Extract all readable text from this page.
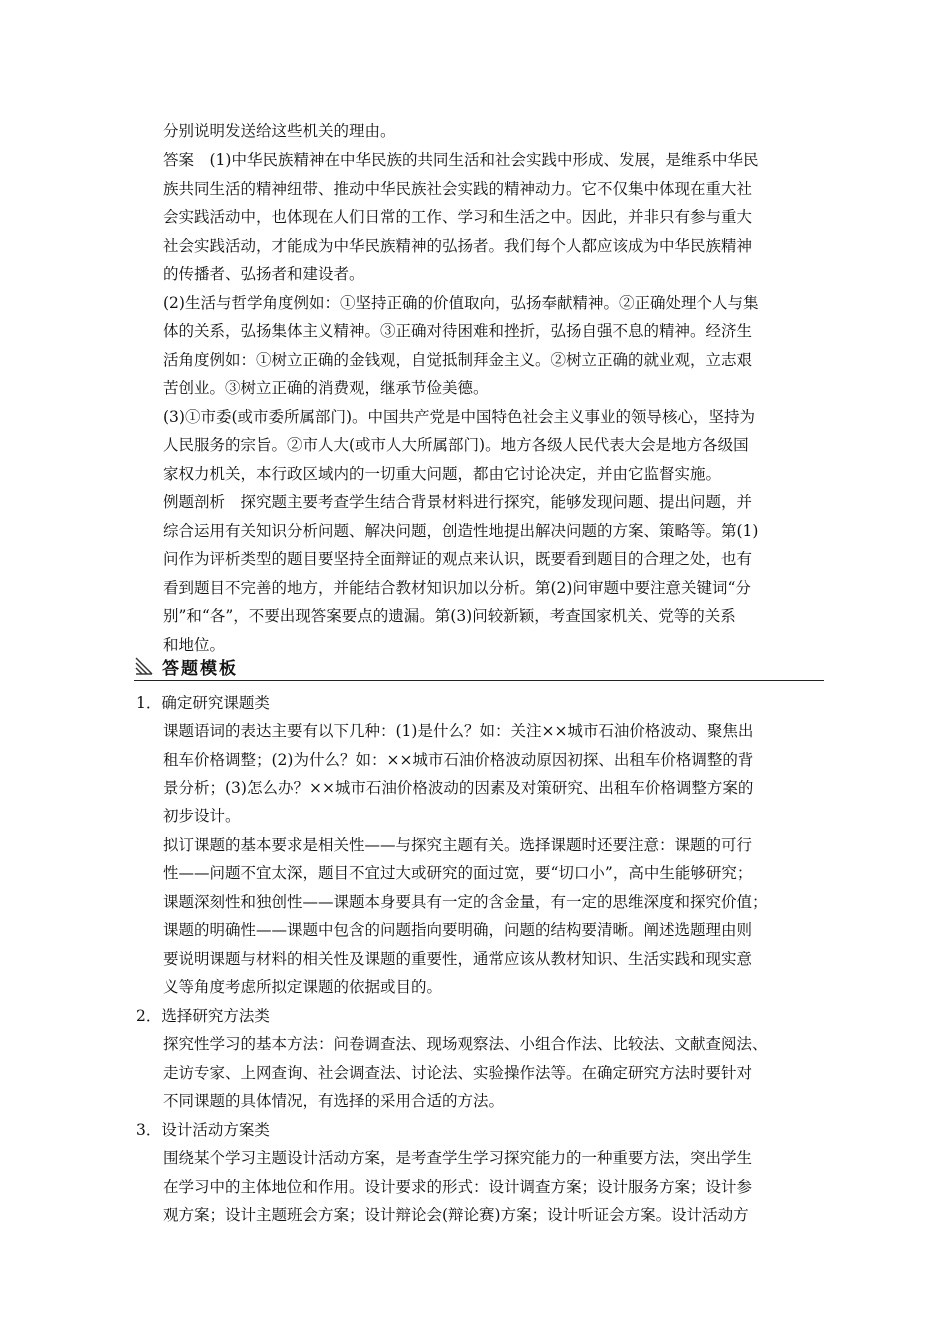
分别说明发送给这些机关的理由。
答案　(1)中华民族精神在中华民族的共同生活和社会实践中形成、发展，是维系中华民
族共同生活的精神纽带、推动中华民族社会实践的精神动力。它不仅集中体现在重大社
会实践活动中，也体现在人们日常的工作、学习和生活之中。因此，并非只有参与重大
社会实践活动，才能成为中华民族精神的弘扬者。我们每个人都应该成为中华民族精神
的传播者、弘扬者和建设者。
(2)生活与哲学角度例如：①坚持正确的价值取向，弘扬奉献精神。②正确处理个人与集
体的关系，弘扬集体主义精神。③正确对待困难和挫折，弘扬自强不息的精神。经济生
活角度例如：①树立正确的金钱观，自觉抵制拜金主义。②树立正确的就业观，立志艰
苦创业。③树立正确的消费观，继承节俭美德。
(3)①市委(或市委所属部门)。中国共产党是中国特色社会主义事业的领导核心，坚持为
人民服务的宗旨。②市人大(或市人大所属部门)。地方各级人民代表大会是地方各级国
家权力机关，本行政区域内的一切重大问题，都由它讨论决定，并由它监督实施。
例题剖析　探究题主要考查学生结合背景材料进行探究，能够发现问题、提出问题，并
综合运用有关知识分析问题、解决问题，创造性地提出解决问题的方案、策略等。第(1)
问作为评析类型的题目要坚持全面辩证的观点来认识，既要看到题目的合理之处，也有
看到题目不完善的地方，并能结合教材知识加以分析。第(2)问审题中要注意关键词“分
别”和“各”，不要出现答案要点的遗漏。第(3)问较新颖，考查国家机关、党等的关系
和地位。
答题模板
1．确定研究课题类
课题语词的表达主要有以下几种：(1)是什么？如：关注××城市石油价格波动、聚焦出
租车价格调整；(2)为什么？如：××城市石油价格波动原因初探、出租车价格调整的背
景分析；(3)怎么办？××城市石油价格波动的因素及对策研究、出租车价格调整方案的
初步设计。
拟订课题的基本要求是相关性——与探究主题有关。选择课题时还要注意：课题的可行
性——问题不宜太深，题目不宜过大或研究的面过宽，要“切口小”，高中生能够研究；
课题深刻性和独创性——课题本身要具有一定的含金量，有一定的思维深度和探究价值；
课题的明确性——课题中包含的问题指向要明确，问题的结构要清晰。阐述选题理由则
要说明课题与材料的相关性及课题的重要性，通常应该从教材知识、生活实践和现实意
义等角度考虑所拟定课题的依据或目的。
2．选择研究方法类
探究性学习的基本方法：问卷调查法、现场观察法、小组合作法、比较法、文献查阅法、
走访专家、上网查询、社会调查法、讨论法、实验操作法等。在确定研究方法时要针对
不同课题的具体情况，有选择的采用合适的方法。
3．设计活动方案类
围绕某个学习主题设计活动方案，是考查学生学习探究能力的一种重要方法，突出学生
在学习中的主体地位和作用。设计要求的形式：设计调查方案；设计服务方案；设计参
观方案；设计主题班会方案；设计辩论会(辩论赛)方案；设计听证会方案。设计活动方
